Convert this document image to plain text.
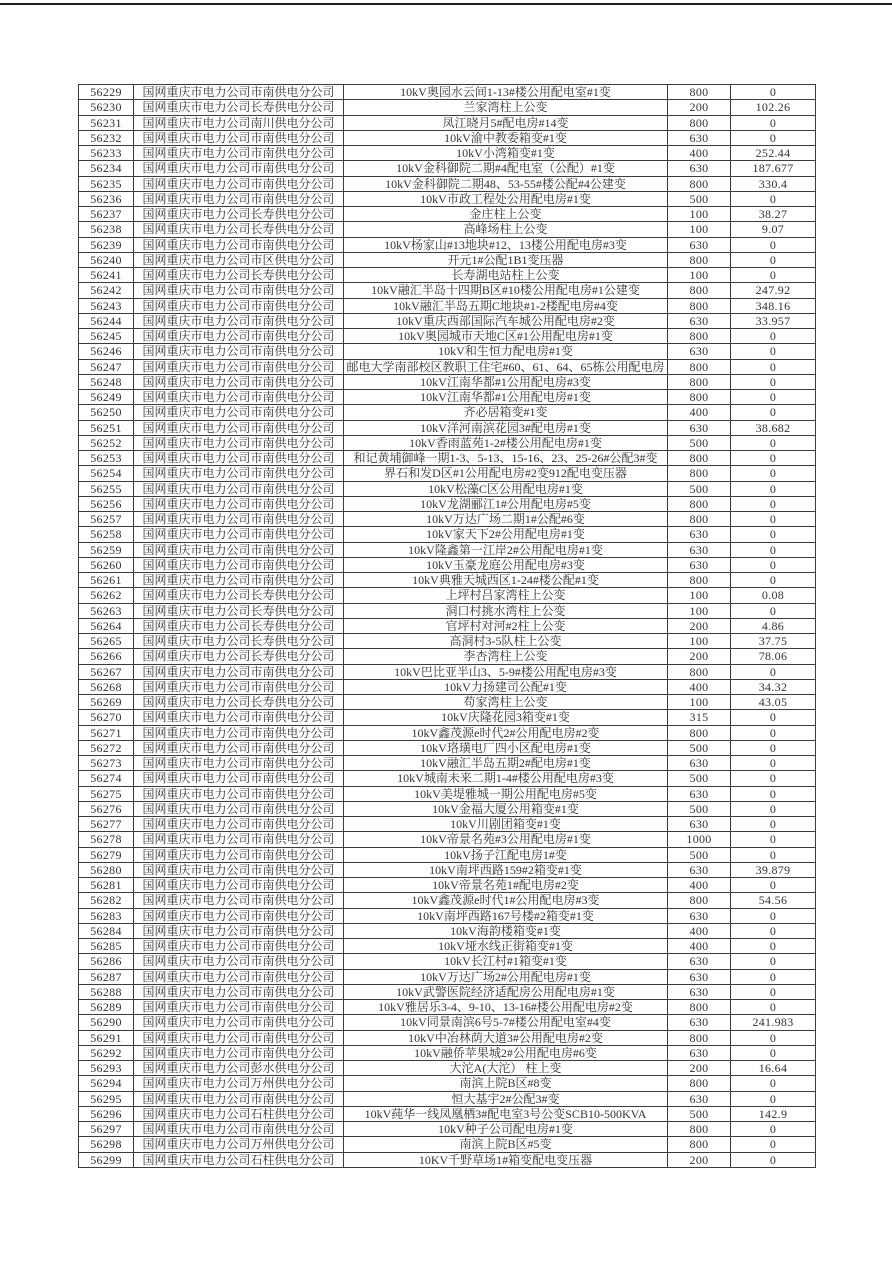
56229	国网重庆市电力公司市南供电分公司	10kV奥园水云间1-13#楼公用配电室#1变	800	0
56230	国网重庆市电力公司长寿供电分公司	兰家湾柱上公变	200	102.26
56231	国网重庆市电力公司南川供电分公司	凤江晓月5#配电房#14变	800	0
56232	国网重庆市电力公司市南供电分公司	10kV渝中教委箱变#1变	630	0
56233	国网重庆市电力公司市南供电分公司	10kV小湾箱变#1变	400	252.44
56234	国网重庆市电力公司市南供电分公司	10kV金科御院二期#4配电室（公配）#1变	630	187.677
56235	国网重庆市电力公司市南供电分公司	10kV金科御院二期48、53-55#楼公配#4公建变	800	330.4
56236	国网重庆市电力公司市南供电分公司	10kV市政工程处公用配电房#1变	500	0
56237	国网重庆市电力公司长寿供电分公司	金庄柱上公变	100	38.27
56238	国网重庆市电力公司长寿供电分公司	高峰场柱上公变	100	9.07
56239	国网重庆市电力公司市南供电分公司	10kV杨家山#13地块#12、13楼公用配电房#3变	630	0
56240	国网重庆市电力公司市区供电分公司	开元1#公配1B1变压器	800	0
56241	国网重庆市电力公司长寿供电分公司	长寿湖电站柱上公变	100	0
56242	国网重庆市电力公司市南供电分公司	10kV融汇半岛十四期B区#10楼公用配电房#1公建变	800	247.92
56243	国网重庆市电力公司市南供电分公司	10kV融汇半岛五期C地块#1-2楼配电房#4变	800	348.16
56244	国网重庆市电力公司市南供电分公司	10kV重庆西部国际汽车城公用配电房#2变	630	33.957
56245	国网重庆市电力公司市南供电分公司	10kV奥园城市天地C区#1公用配电房#1变	800	0
56246	国网重庆市电力公司市南供电分公司	10kV和生恒力配电房#1变	630	0
56247	国网重庆市电力公司市南供电分公司	邮电大学南部校区教职工住宅#60、61、64、65栋公用配电房	800	0
56248	国网重庆市电力公司市南供电分公司	10kV江南华都#1公用配电房#3变	800	0
56249	国网重庆市电力公司市南供电分公司	10kV江南华都#1公用配电房#1变	800	0
56250	国网重庆市电力公司市南供电分公司	齐必居箱变#1变	400	0
56251	国网重庆市电力公司市南供电分公司	10kV洋河南滨花园3#配电房#1变	630	38.682
56252	国网重庆市电力公司市南供电分公司	10kV香雨蓝苑1-2#楼公用配电房#1变	500	0
56253	国网重庆市电力公司市南供电分公司	和记黄埔御峰一期1-3、5-13、15-16、23、25-26#公配3#变	800	0
56254	国网重庆市电力公司市南供电分公司	界石和发D区#1公用配电房#2变912配电变压器	800	0
56255	国网重庆市电力公司市南供电分公司	10kV松藻C区公用配电房#1变	500	0
56256	国网重庆市电力公司市南供电分公司	10kV龙湖郦江1#公用配电房#5变	800	0
56257	国网重庆市电力公司市南供电分公司	10kV万达广场二期1#公配#6变	800	0
56258	国网重庆市电力公司市南供电分公司	10kV家天下2#公用配电房#1变	630	0
56259	国网重庆市电力公司市南供电分公司	10kV隆鑫第一江岸2#公用配电房#1变	630	0
56260	国网重庆市电力公司市南供电分公司	10kV玉豪龙庭公用配电房#3变	630	0
56261	国网重庆市电力公司市南供电分公司	10kV典雅天城西区1-24#楼公配#1变	800	0
56262	国网重庆市电力公司长寿供电分公司	上坪村吕家湾柱上公变	100	0.08
56263	国网重庆市电力公司长寿供电分公司	洞口村挑水湾柱上公变	100	0
56264	国网重庆市电力公司长寿供电分公司	官坪村对河#2柱上公变	200	4.86
56265	国网重庆市电力公司长寿供电分公司	高洞村3-5队柱上公变	100	37.75
56266	国网重庆市电力公司长寿供电分公司	李杏湾柱上公变	200	78.06
56267	国网重庆市电力公司市南供电分公司	10kV巴比亚半山3、5-9#楼公用配电房#3变	800	0
56268	国网重庆市电力公司市南供电分公司	10kV力扬建司公配#1变	400	34.32
56269	国网重庆市电力公司长寿供电分公司	苟家湾柱上公变	100	43.05
56270	国网重庆市电力公司市南供电分公司	10kV庆隆花园3箱变#1变	315	0
56271	国网重庆市电力公司市南供电分公司	10kV鑫茂源e时代2#公用配电房#2变	800	0
56272	国网重庆市电力公司市南供电分公司	10kV珞璜电厂四小区配电房#1变	500	0
56273	国网重庆市电力公司市南供电分公司	10kV融汇半岛五期2#配电房#1变	630	0
56274	国网重庆市电力公司市南供电分公司	10kV城南未来二期1-4#楼公用配电房#3变	500	0
56275	国网重庆市电力公司市南供电分公司	10kV美堤雅城一期公用配电房#5变	630	0
56276	国网重庆市电力公司市南供电分公司	10kV金福大厦公用箱变#1变	500	0
56277	国网重庆市电力公司市南供电分公司	10kV川剧团箱变#1变	630	0
56278	国网重庆市电力公司市南供电分公司	10kV帝景名苑#3公用配电房#1变	1000	0
56279	国网重庆市电力公司市南供电分公司	10kV扬子江配电房1#变	500	0
56280	国网重庆市电力公司市南供电分公司	10kV南坪西路159#2箱变#1变	630	39.879
56281	国网重庆市电力公司市南供电分公司	10kV帝景名苑1#配电房#2变	400	0
56282	国网重庆市电力公司市南供电分公司	10kV鑫茂源e时代1#公用配电房#3变	800	54.56
56283	国网重庆市电力公司市南供电分公司	10kV南坪西路167号楼#2箱变#1变	630	0
56284	国网重庆市电力公司市南供电分公司	10kV海韵楼箱变#1变	400	0
56285	国网重庆市电力公司市南供电分公司	10kV垭水线正街箱变#1变	400	0
56286	国网重庆市电力公司市南供电分公司	10kV长江村#1箱变#1变	630	0
56287	国网重庆市电力公司市南供电分公司	10kV万达广场2#公用配电房#1变	630	0
56288	国网重庆市电力公司市南供电分公司	10kV武警医院经济适配房公用配电房#1变	630	0
56289	国网重庆市电力公司市南供电分公司	10kV雅居乐3-4、9-10、13-16#楼公用配电房#2变	800	0
56290	国网重庆市电力公司市南供电分公司	10kV同景南滨6号5-7#楼公用配电室#4变	630	241.983
56291	国网重庆市电力公司市南供电分公司	10kV中冶林荫大道3#公用配电房#2变	800	0
56292	国网重庆市电力公司市南供电分公司	10kV融侨苹果城2#公用配电房#6变	630	0
56293	国网重庆市电力公司彭水供电分公司	大沱A(大沱） 柱上变	200	16.64
56294	国网重庆市电力公司万州供电分公司	南滨上院B区#8变	800	0
56295	国网重庆市电力公司市南供电分公司	恒大基宇2#公配3#变	630	0
56296	国网重庆市电力公司石柱供电分公司	10kV莼华一线凤凰栖3#配电室3号公变SCB10-500KVA	500	142.9
56297	国网重庆市电力公司市南供电分公司	10kV种子公司配电房#1变	800	0
56298	国网重庆市电力公司万州供电分公司	南滨上院B区#5变	800	0
56299	国网重庆市电力公司石柱供电分公司	10KV千野草场1#箱变配电变压器	200	0
